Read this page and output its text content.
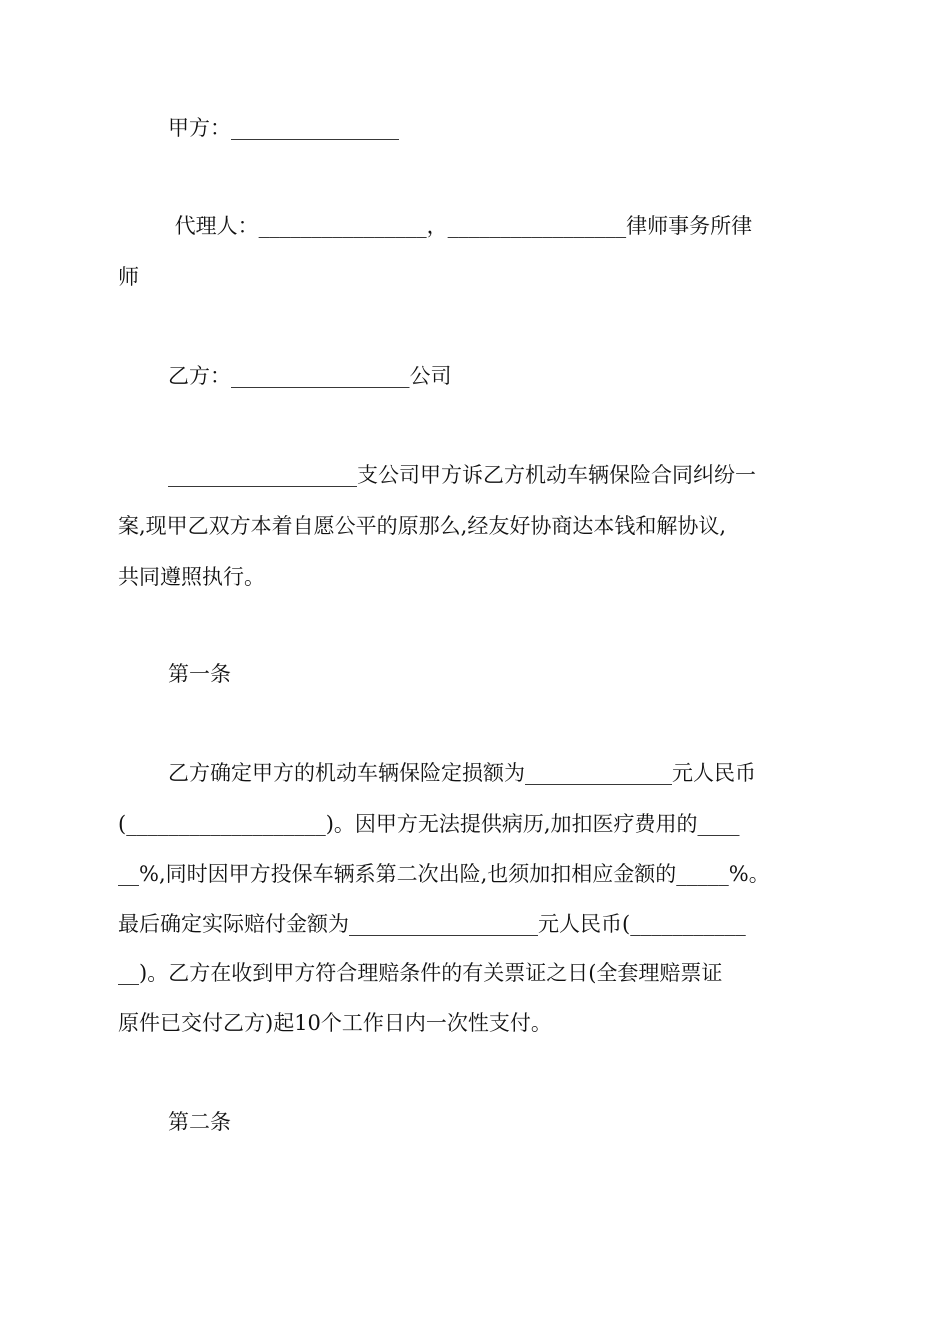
甲方：________________
代理人：________________，_________________律师事务所律
师
乙方：_________________公司
__________________支公司甲方诉乙方机动车辆保险合同纠纷一
案,现甲乙双方本着自愿公平的原那么,经友好协商达本钱和解协议,
共同遵照执行。
第一条
乙方确定甲方的机动车辆保险定损额为______________元人民币
(___________________)。因甲方无法提供病历,加扣医疗费用的____
__%,同时因甲方投保车辆系第二次出险,也须加扣相应金额的_____%。
最后确定实际赔付金额为__________________元人民币(___________
__)。乙方在收到甲方符合理赔条件的有关票证之日(全套理赔票证
原件已交付乙方)起10个工作日内一次性支付。
第二条
